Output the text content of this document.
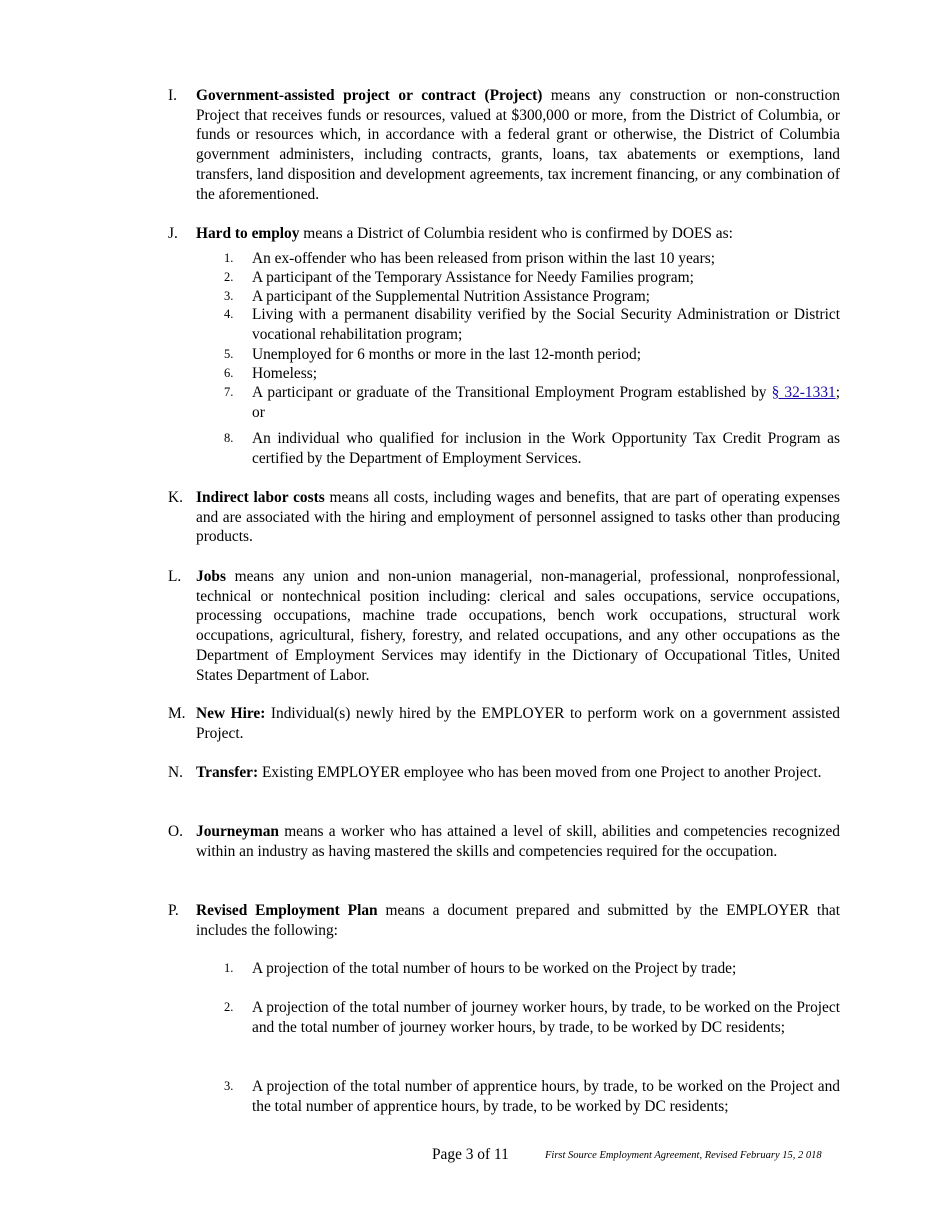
I.	Government-assisted project or contract (Project) means any construction or non-construction Project that receives funds or resources, valued at $300,000 or more, from the District of Columbia, or funds or resources which, in accordance with a federal grant or otherwise, the District of Columbia government administers, including contracts, grants, loans, tax abatements or exemptions, land transfers, land disposition and development agreements, tax increment financing, or any combination of the aforementioned.
J.	Hard to employ means a District of Columbia resident who is confirmed by DOES as:
1.	An ex-offender who has been released from prison within the last 10 years;
2.	A participant of the Temporary Assistance for Needy Families program;
3.	A participant of the Supplemental Nutrition Assistance Program;
4.	Living with a permanent disability verified by the Social Security Administration or District vocational rehabilitation program;
5.	Unemployed for 6 months or more in the last 12-month period;
6.	Homeless;
7.	A participant or graduate of the Transitional Employment Program established by § 32-1331; or
8.	An individual who qualified for inclusion in the Work Opportunity Tax Credit Program as certified by the Department of Employment Services.
K. Indirect labor costs means all costs, including wages and benefits, that are part of operating expenses and are associated with the hiring and employment of personnel assigned to tasks other than producing products.
L. Jobs means any union and non-union managerial, non-managerial, professional, nonprofessional, technical or nontechnical position including: clerical and sales occupations, service occupations, processing occupations, machine trade occupations, bench work occupations, structural work occupations, agricultural, fishery, forestry, and related occupations, and any other occupations as the Department of Employment Services may identify in the Dictionary of Occupational Titles, United States Department of Labor.
M. New Hire: Individual(s) newly hired by the EMPLOYER to perform work on a government assisted Project.
N. Transfer: Existing EMPLOYER employee who has been moved from one Project to another Project.
O. Journeyman means a worker who has attained a level of skill, abilities and competencies recognized within an industry as having mastered the skills and competencies required for the occupation.
P.	Revised Employment Plan means a document prepared and submitted by the EMPLOYER that includes the following:
1.	A projection of the total number of hours to be worked on the Project by trade;
2.	A projection of the total number of journey worker hours, by trade, to be worked on the Project and the total number of journey worker hours, by trade, to be worked by DC residents;
3.	A projection of the total number of apprentice hours, by trade, to be worked on the Project and the total number of apprentice hours, by trade, to be worked by DC residents;
Page 3 of 11	First Source Employment Agreement, Revised February 15, 2 018
